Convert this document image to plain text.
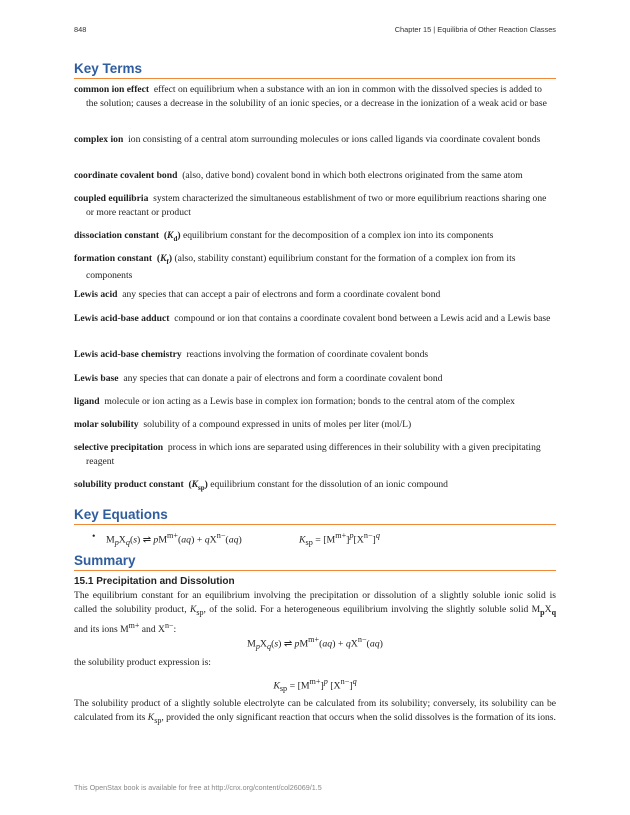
848	Chapter 15 | Equilibria of Other Reaction Classes
Key Terms
common ion effect effect on equilibrium when a substance with an ion in common with the dissolved species is added to the solution; causes a decrease in the solubility of an ionic species, or a decrease in the ionization of a weak acid or base
complex ion ion consisting of a central atom surrounding molecules or ions called ligands via coordinate covalent bonds
coordinate covalent bond (also, dative bond) covalent bond in which both electrons originated from the same atom
coupled equilibria system characterized the simultaneous establishment of two or more equilibrium reactions sharing one or more reactant or product
dissociation constant $(K_d)$ equilibrium constant for the decomposition of a complex ion into its components
formation constant $(K_f)$ (also, stability constant) equilibrium constant for the formation of a complex ion from its components
Lewis acid any species that can accept a pair of electrons and form a coordinate covalent bond
Lewis acid-base adduct compound or ion that contains a coordinate covalent bond between a Lewis acid and a Lewis base
Lewis acid-base chemistry reactions involving the formation of coordinate covalent bonds
Lewis base any species that can donate a pair of electrons and form a coordinate covalent bond
ligand molecule or ion acting as a Lewis base in complex ion formation; bonds to the central atom of the complex
molar solubility solubility of a compound expressed in units of moles per liter (mol/L)
selective precipitation process in which ions are separated using differences in their solubility with a given precipitating reagent
solubility product constant $(K_{sp})$ equilibrium constant for the dissolution of an ionic compound
Key Equations
• $M_pX_q(s)$ ⇌ $pM^{m+}(aq) + qX^{n-}(aq)$	$K_{sp} = [M^{m+}]^p[X^{n-}]^q$
Summary
15.1 Precipitation and Dissolution
The equilibrium constant for an equilibrium involving the precipitation or dissolution of a slightly soluble ionic solid is called the solubility product, $K_{sp}$, of the solid. For a heterogeneous equilibrium involving the slightly soluble solid $M_pX_q$ and its ions $M^{m+}$ and $X^{n-}$:
$M_pX_q(s)$ ⇌ $pM^{m+}(aq) + qX^{n-}(aq)$
the solubility product expression is:
$K_{sp} = [M^{m+}]^p$ $[X^{n-}]^q$
The solubility product of a slightly soluble electrolyte can be calculated from its solubility; conversely, its solubility can be calculated from its $K_{sp}$, provided the only significant reaction that occurs when the solid dissolves is the formation of its ions.
This OpenStax book is available for free at http://cnx.org/content/col26069/1.5
